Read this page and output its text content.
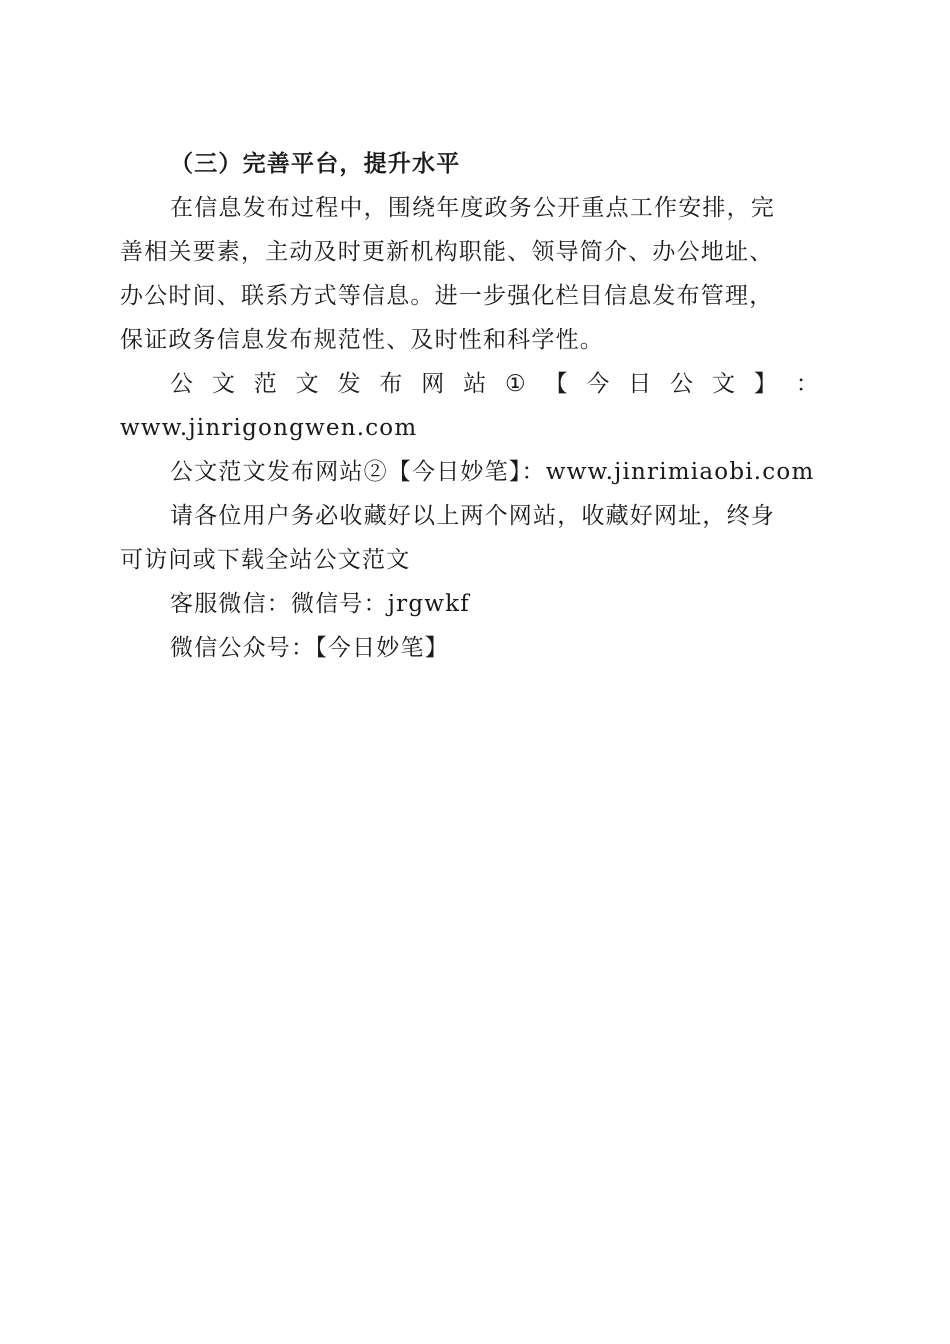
（三）完善平台，提升水平
在信息发布过程中，围绕年度政务公开重点工作安排，完
善相关要素，主动及时更新机构职能、领导简介、办公地址、
办公时间、联系方式等信息。进一步强化栏目信息发布管理，
保证政务信息发布规范性、及时性和科学性。
公 文 范 文 发 布 网 站 ① 【 今 日 公 文 】 ：
www.jinrigongwen.com
公文范文发布网站②【今日妙笔】：www.jinrimiaobi.com
请各位用户务必收藏好以上两个网站，收藏好网址，终身
可访问或下载全站公文范文
客服微信：微信号：jrgwkf
微信公众号：【今日妙笔】
